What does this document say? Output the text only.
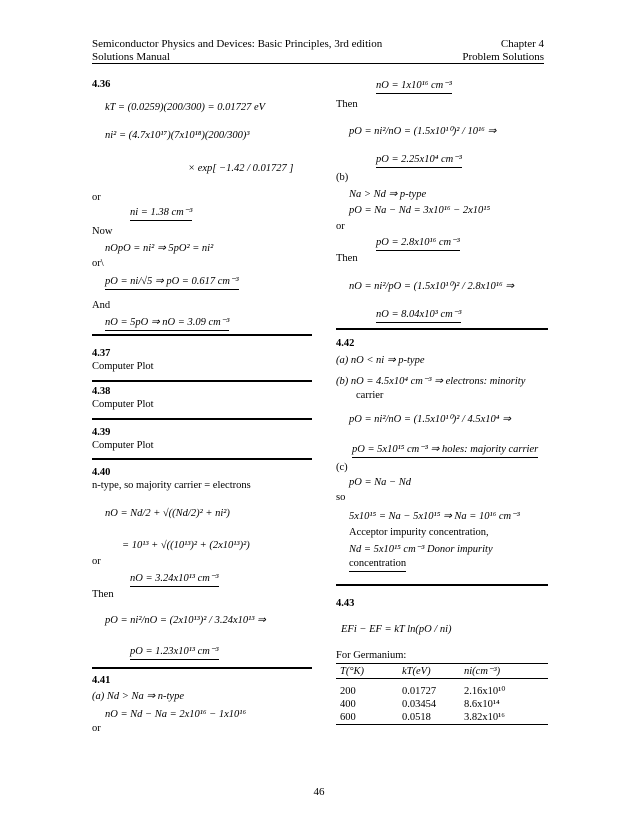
Semiconductor Physics and Devices: Basic Principles, 3rd edition	Chapter 4
Solutions Manual	Problem Solutions
4.36
kT = (0.0259)(200/300) = 0.01727 eV
ni² = (4.7x10¹⁷)(7x10¹⁸)(200/300)³
× exp[ −1.42 / 0.01727 ]
or
ni = 1.38 cm⁻³
Now
nOpO = ni² ⇒ 5pO² = ni²
or\
pO = ni/√5 ⇒ pO = 0.617 cm⁻³
And
nO = 5pO ⇒ nO = 3.09 cm⁻³
4.37
Computer Plot
4.38
Computer Plot
4.39
Computer Plot
4.40
n-type, so majority carrier = electrons
nO = Nd/2 + √((Nd/2)² + ni²)
= 10¹³ + √((10¹³)² + (2x10¹³)²)
or
nO = 3.24x10¹³ cm⁻³
Then
pO = ni²/nO = (2x10¹³)² / 3.24x10¹³ ⇒
pO = 1.23x10¹³ cm⁻³
4.41
(a) Nd > Na ⇒ n-type
nO = Nd − Na = 2x10¹⁶ − 1x10¹⁶
or
nO = 1x10¹⁶ cm⁻³
Then
pO = ni²/nO = (1.5x10¹⁰)² / 10¹⁶ ⇒
pO = 2.25x10⁴ cm⁻³
(b)
Na > Nd ⇒ p-type
pO = Na − Nd = 3x10¹⁶ − 2x10¹⁵
or
pO = 2.8x10¹⁶ cm⁻³
Then
nO = ni²/pO = (1.5x10¹⁰)² / 2.8x10¹⁶ ⇒
nO = 8.04x10³ cm⁻³
4.42
(a) nO < ni ⇒ p-type
(b) nO = 4.5x10⁴ cm⁻³ ⇒ electrons: minority
carrier
pO = ni²/nO = (1.5x10¹⁰)² / 4.5x10⁴ ⇒
pO = 5x10¹⁵ cm⁻³ ⇒ holes: majority carrier
(c)
pO = Na − Nd
so
5x10¹⁵ = Na − 5x10¹⁵ ⇒ Na = 10¹⁶ cm⁻³
Acceptor impurity concentration,
Nd = 5x10¹⁵ cm⁻³ Donor impurity
concentration
4.43
EFi − EF = kT ln(pO / ni)
For Germanium:
T(°K)	kT(eV)	ni(cm⁻³)
200	0.01727	2.16x10¹⁰
400	0.03454	8.6x10¹⁴
600	0.0518	3.82x10¹⁶
46
